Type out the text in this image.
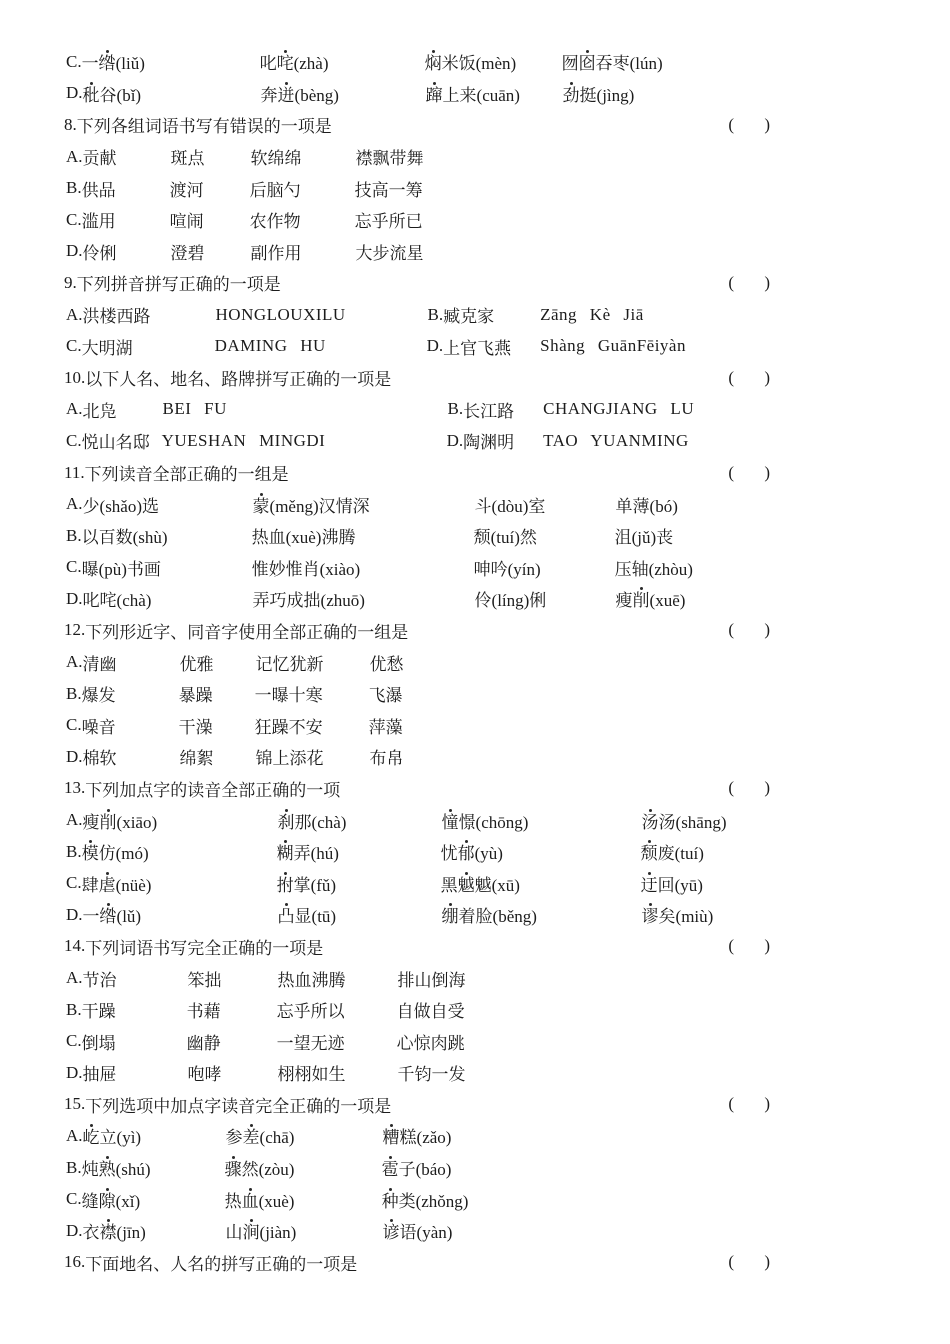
C. 一绺(liǔ)	叱咤(zhà)	焖米饭(mèn)	囫囵吞枣(lún)
D. 秕谷(bǐ)	奔迸(bèng)	蹿上来(cuān)	劲挺(jìng)
8. 下列各组词语书写有错误的一项是	( )
A. 贡献	斑点	软绵绵	襟飘带舞
B. 供品	渡河	后脑勺	技高一筹
C. 滥用	喧闹	农作物	忘乎所已
D. 伶俐	澄碧	副作用	大步流星
9. 下列拼音拼写正确的一项是	( )
A. 洪楼西路	HONGLOUXILU	B. 臧克家	Zāng Kè Jiā
C. 大明湖	DAMING HU	D. 上官飞燕	Shàng GuānFēiyàn
10. 以下人名、地名、路牌拼写正确的一项是	( )
A. 北凫	BEI FU	B. 长江路	CHANGJIANG LU
C. 悦山名邸 YUESHAN MINGDI	D. 陶渊明	TAO YUANMING
11. 下列读音全部正确的一组是	( )
A. 少(shǎo)选	蒙(měng)汉情深	斗(dòu)室	单薄(bó)
B. 以百数(shù)	热血(xuè)沸腾	颓(tuí)然	沮(jǔ)丧
C. 曝(pù)书画	惟妙惟肖(xiào)	呻吟(yín)	压轴(zhòu)
D. 叱咤(chà)	弄巧成拙(zhuō)	伶(líng)俐	瘦削(xuē)
12. 下列形近字、同音字使用全部正确的一组是	( )
A. 清幽	优雅	记忆犹新	优愁
B. 爆发	暴躁	一曝十寒	飞瀑
C. 噪音	干澡	狂躁不安	萍藻
D. 棉软	绵絮	锦上添花	布帛
13. 下列加点字的读音全部正确的一项	( )
A. 瘦削(xiāo)	刹那(chà)	憧憬(chōng)	汤汤(shāng)
B. 模仿(mó)	糊弄(hú)	忧郁(yù)	颓废(tuí)
C. 肆虐(nüè)	拊掌(fǔ)	黑魆魆(xū)	迂回(yū)
D. 一绺(lǔ)	凸显(tū)	绷着脸(běng)	谬矣(miù)
14. 下列词语书写完全正确的一项是	( )
A. 节治	笨拙	热血沸腾	排山倒海
B. 干躁	书藉	忘乎所以	自做自受
C. 倒塌	幽静	一望无迹	心惊肉跳
D. 抽屉	咆哮	栩栩如生	千钧一发
15. 下列选项中加点字读音完全正确的一项是	( )
A. 屹立(yì)	参差(chā)	糟糕(zǎo)
B. 炖熟(shú)	骤然(zòu)	雹子(báo)
C. 缝隙(xǐ)	热血(xuè)	种类(zhǒng)
D. 衣襟(jīn)	山涧(jiàn)	谚语(yàn)
16. 下面地名、人名的拼写正确的一项是	( )
